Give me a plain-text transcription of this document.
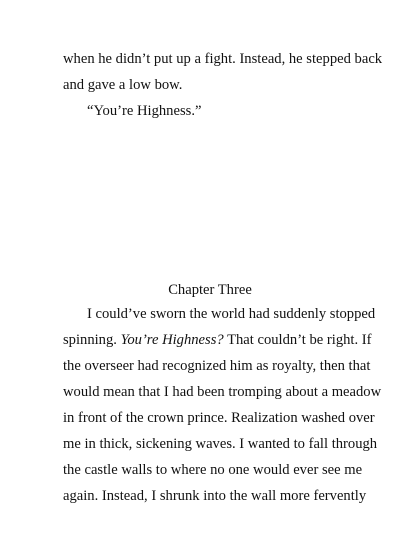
when he didn’t put up a fight. Instead, he stepped back
and gave a low bow.
“You’re Highness.”
Chapter Three
I could’ve sworn the world had suddenly stopped
spinning. You’re Highness? That couldn’t be right. If
the overseer had recognized him as royalty, then that
would mean that I had been tromping about a meadow
in front of the crown prince. Realization washed over
me in thick, sickening waves. I wanted to fall through
the castle walls to where no one would ever see me
again. Instead, I shrunk into the wall more fervently
